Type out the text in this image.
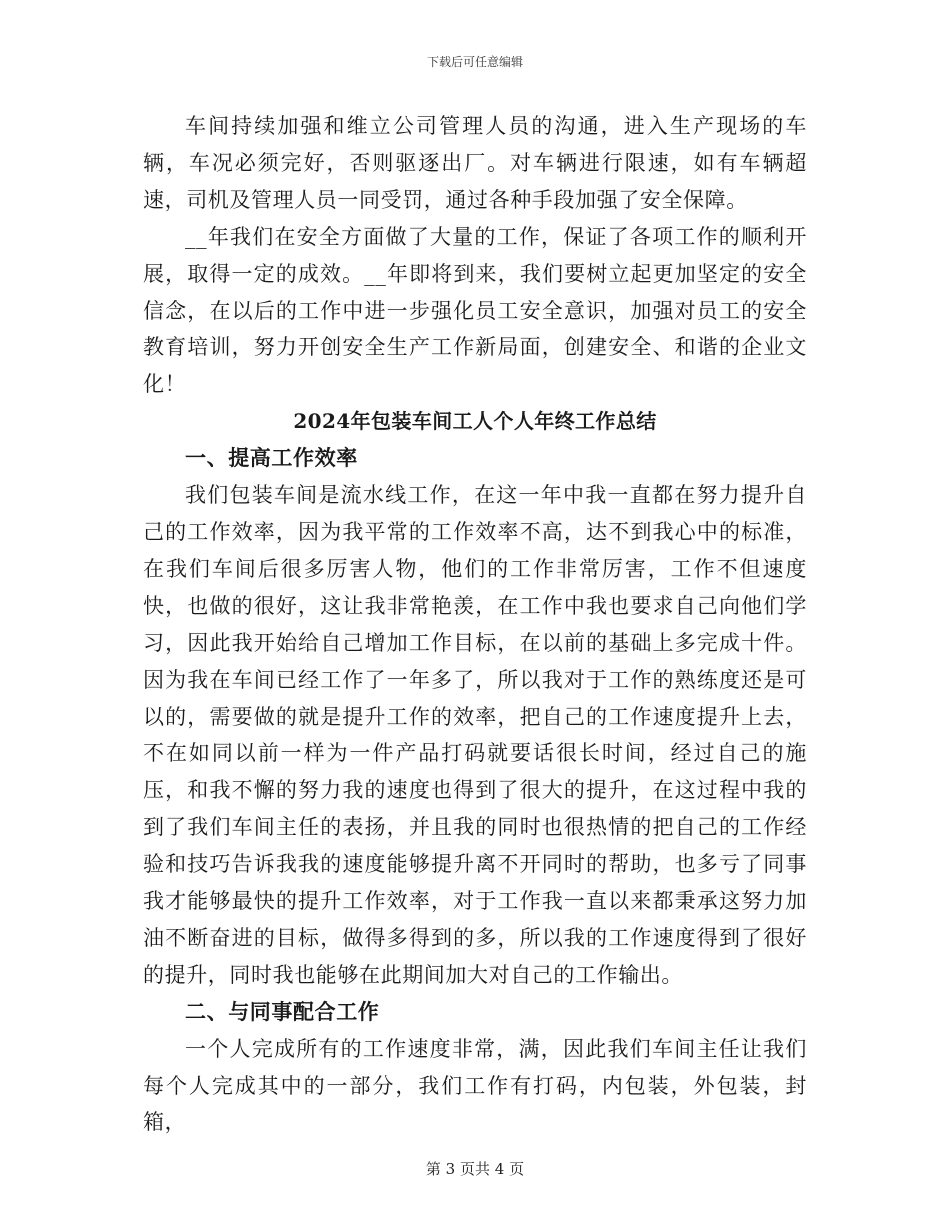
下载后可任意编辑

车间持续加强和维立公司管理人员的沟通，进入生产现场的车辆，车况必须完好，否则驱逐出厂。对车辆进行限速，如有车辆超速，司机及管理人员一同受罚，通过各种手段加强了安全保障。

__年我们在安全方面做了大量的工作，保证了各项工作的顺利开展，取得一定的成效。__年即将到来，我们要树立起更加坚定的安全信念，在以后的工作中进一步强化员工安全意识，加强对员工的安全教育培训，努力开创安全生产工作新局面，创建安全、和谐的企业文化！

2024年包装车间工人个人年终工作总结
一、提高工作效率

我们包装车间是流水线工作，在这一年中我一直都在努力提升自己的工作效率，因为我平常的工作效率不高，达不到我心中的标准，在我们车间后很多厉害人物，他们的工作非常厉害，工作不但速度快，也做的很好，这让我非常艳羡，在工作中我也要求自己向他们学习，因此我开始给自己增加工作目标，在以前的基础上多完成十件。因为我在车间已经工作了一年多了，所以我对于工作的熟练度还是可以的，需要做的就是提升工作的效率，把自己的工作速度提升上去，不在如同以前一样为一件产品打码就要话很长时间，经过自己的施压，和我不懈的努力我的速度也得到了很大的提升，在这过程中我的到了我们车间主任的表扬，并且我的同时也很热情的把自己的工作经验和技巧告诉我我的速度能够提升离不开同时的帮助，也多亏了同事我才能够最快的提升工作效率，对于工作我一直以来都秉承这努力加油不断奋进的目标，做得多得到的多，所以我的工作速度得到了很好的提升，同时我也能够在此期间加大对自己的工作输出。

二、与同事配合工作

一个人完成所有的工作速度非常，满，因此我们车间主任让我们每个人完成其中的一部分，我们工作有打码，内包装，外包装，封箱，

第 3 页共 4 页
